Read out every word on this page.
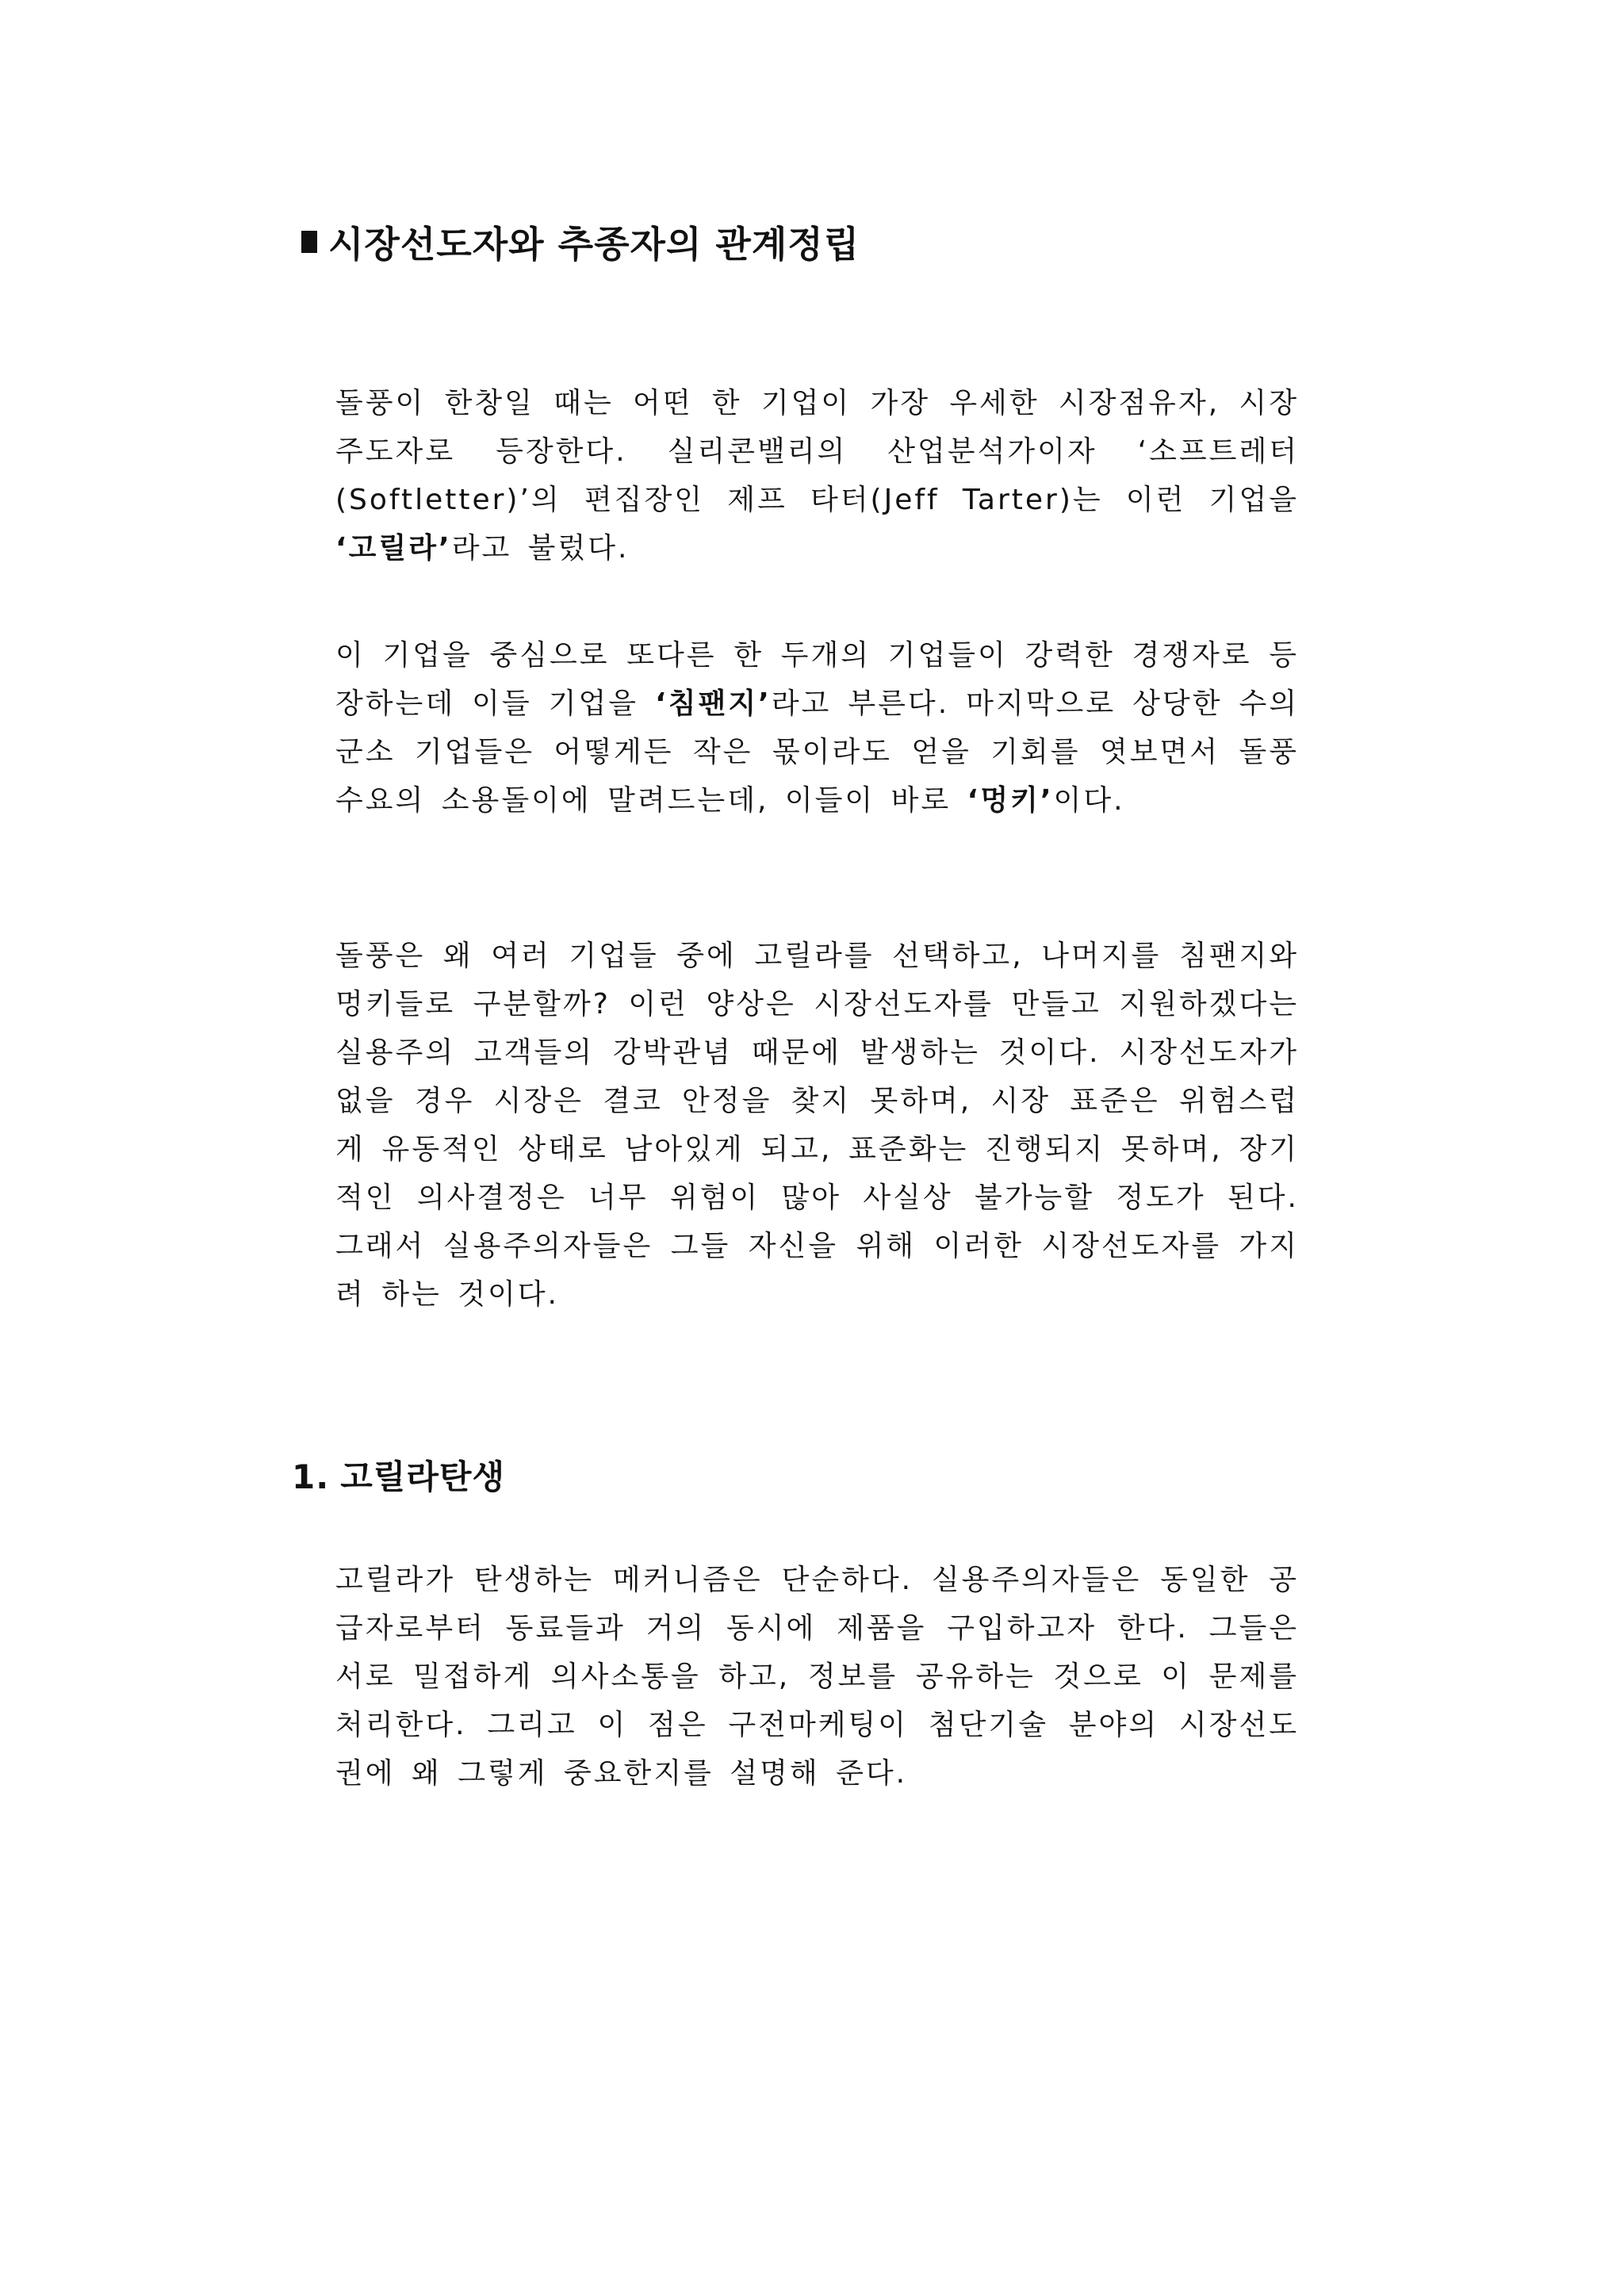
시장선도자와 추종자의 관계정립

돌풍이 한창일 때는 어떤 한 기업이 가장 우세한 시장점유자, 시장주도자로 등장한다. 실리콘밸리의 산업분석가이자 ‘소프트레터(Softletter)’의 편집장인 제프 타터(Jeff Tarter)는 이런 기업을 ‘고릴라’라고 불렀다.

이 기업을 중심으로 또다른 한 두개의 기업들이 강력한 경쟁자로 등장하는데 이들 기업을 ‘침팬지’라고 부른다. 마지막으로 상당한 수의 군소 기업들은 어떻게든 작은 몫이라도 얻을 기회를 엿보면서 돌풍 수요의 소용돌이에 말려드는데, 이들이 바로 ‘멍키’이다.

돌풍은 왜 여러 기업들 중에 고릴라를 선택하고, 나머지를 침팬지와 멍키들로 구분할까? 이런 양상은 시장선도자를 만들고 지원하겠다는 실용주의 고객들의 강박관념 때문에 발생하는 것이다. 시장선도자가 없을 경우 시장은 결코 안정을 찾지 못하며, 시장 표준은 위험스럽게 유동적인 상태로 남아있게 되고, 표준화는 진행되지 못하며, 장기적인 의사결정은 너무 위험이 많아 사실상 불가능할 정도가 된다. 그래서 실용주의자들은 그들 자신을 위해 이러한 시장선도자를 가지려 하는 것이다.

1. 고릴라탄생

고릴라가 탄생하는 메커니즘은 단순하다. 실용주의자들은 동일한 공급자로부터 동료들과 거의 동시에 제품을 구입하고자 한다. 그들은 서로 밀접하게 의사소통을 하고, 정보를 공유하는 것으로 이 문제를 처리한다. 그리고 이 점은 구전마케팅이 첨단기술 분야의 시장선도권에 왜 그렇게 중요한지를 설명해 준다.
